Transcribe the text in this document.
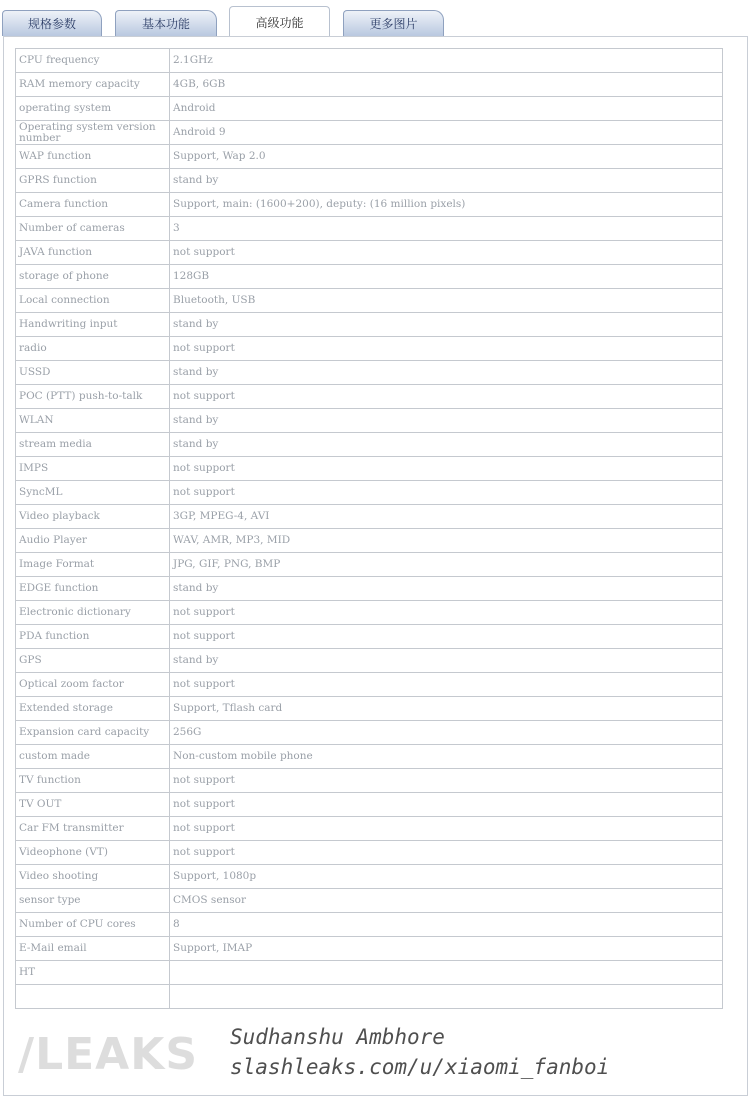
规格参数	基本功能	高级功能	更多图片
CPU frequency	2.1GHz
RAM memory capacity	4GB, 6GB
operating system	Android
Operating system version number	Android 9
WAP function	Support, Wap 2.0
GPRS function	stand by
Camera function	Support, main: (1600+200), deputy: (16 million pixels)
Number of cameras	3
JAVA function	not support
storage of phone	128GB
Local connection	Bluetooth, USB
Handwriting input	stand by
radio	not support
USSD	stand by
POC (PTT) push-to-talk	not support
WLAN	stand by
stream media	stand by
IMPS	not support
SyncML	not support
Video playback	3GP, MPEG-4, AVI
Audio Player	WAV, AMR, MP3, MID
Image Format	JPG, GIF, PNG, BMP
EDGE function	stand by
Electronic dictionary	not support
PDA function	not support
GPS	stand by
Optical zoom factor	not support
Extended storage	Support, Tflash card
Expansion card capacity	256G
custom made	Non-custom mobile phone
TV function	not support
TV OUT	not support
Car FM transmitter	not support
Videophone (VT)	not support
Video shooting	Support, 1080p
sensor type	CMOS sensor
Number of CPU cores	8
E-Mail email	Support, IMAP
HT	

/LEAKS Sudhanshu Ambhore
slashleaks.com/u/xiaomi_fanboi
